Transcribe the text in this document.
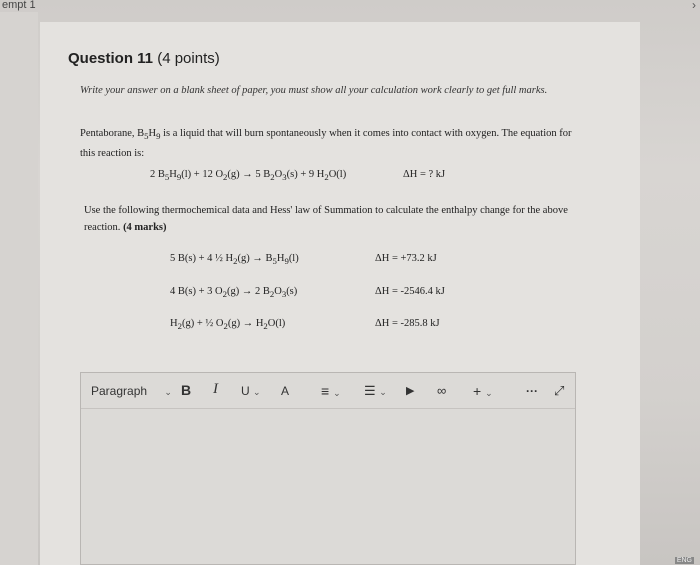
empt 1	›
Question 11 (4 points)
Write your answer on a blank sheet of paper, you must show all your calculation work clearly to get full marks.
Pentaborane, $B_5H_9$ is a liquid that will burn spontaneously when it comes into contact with oxygen. The equation for this reaction is:
2 $B_5H_9(l) + 12$ $O_2(g) \to 5$ $B_2O_3(s) + 9$ $H_2O(l)$	ΔH = ? kJ
Use the following thermochemical data and Hess' law of Summation to calculate the enthalpy change for the above reaction. (4 marks)
5 B(s) + 4 ½ $H_2(g) \to B_5H_9(l)$	ΔH = +73.2 kJ
4 B(s) + 3 $O_2(g) \to 2$ $B_2O_3(s)$	ΔH = -2546.4 kJ
$H_2(g)$ + ½ $O_2(g) \to H_2O(l)$	ΔH = -285.8 kJ
Paragraph ⌄ B I U ⌄ A ≡ ⌄ ☰ ⌄ ▶ ∞ + ⌄	··· ⤢
ENG
